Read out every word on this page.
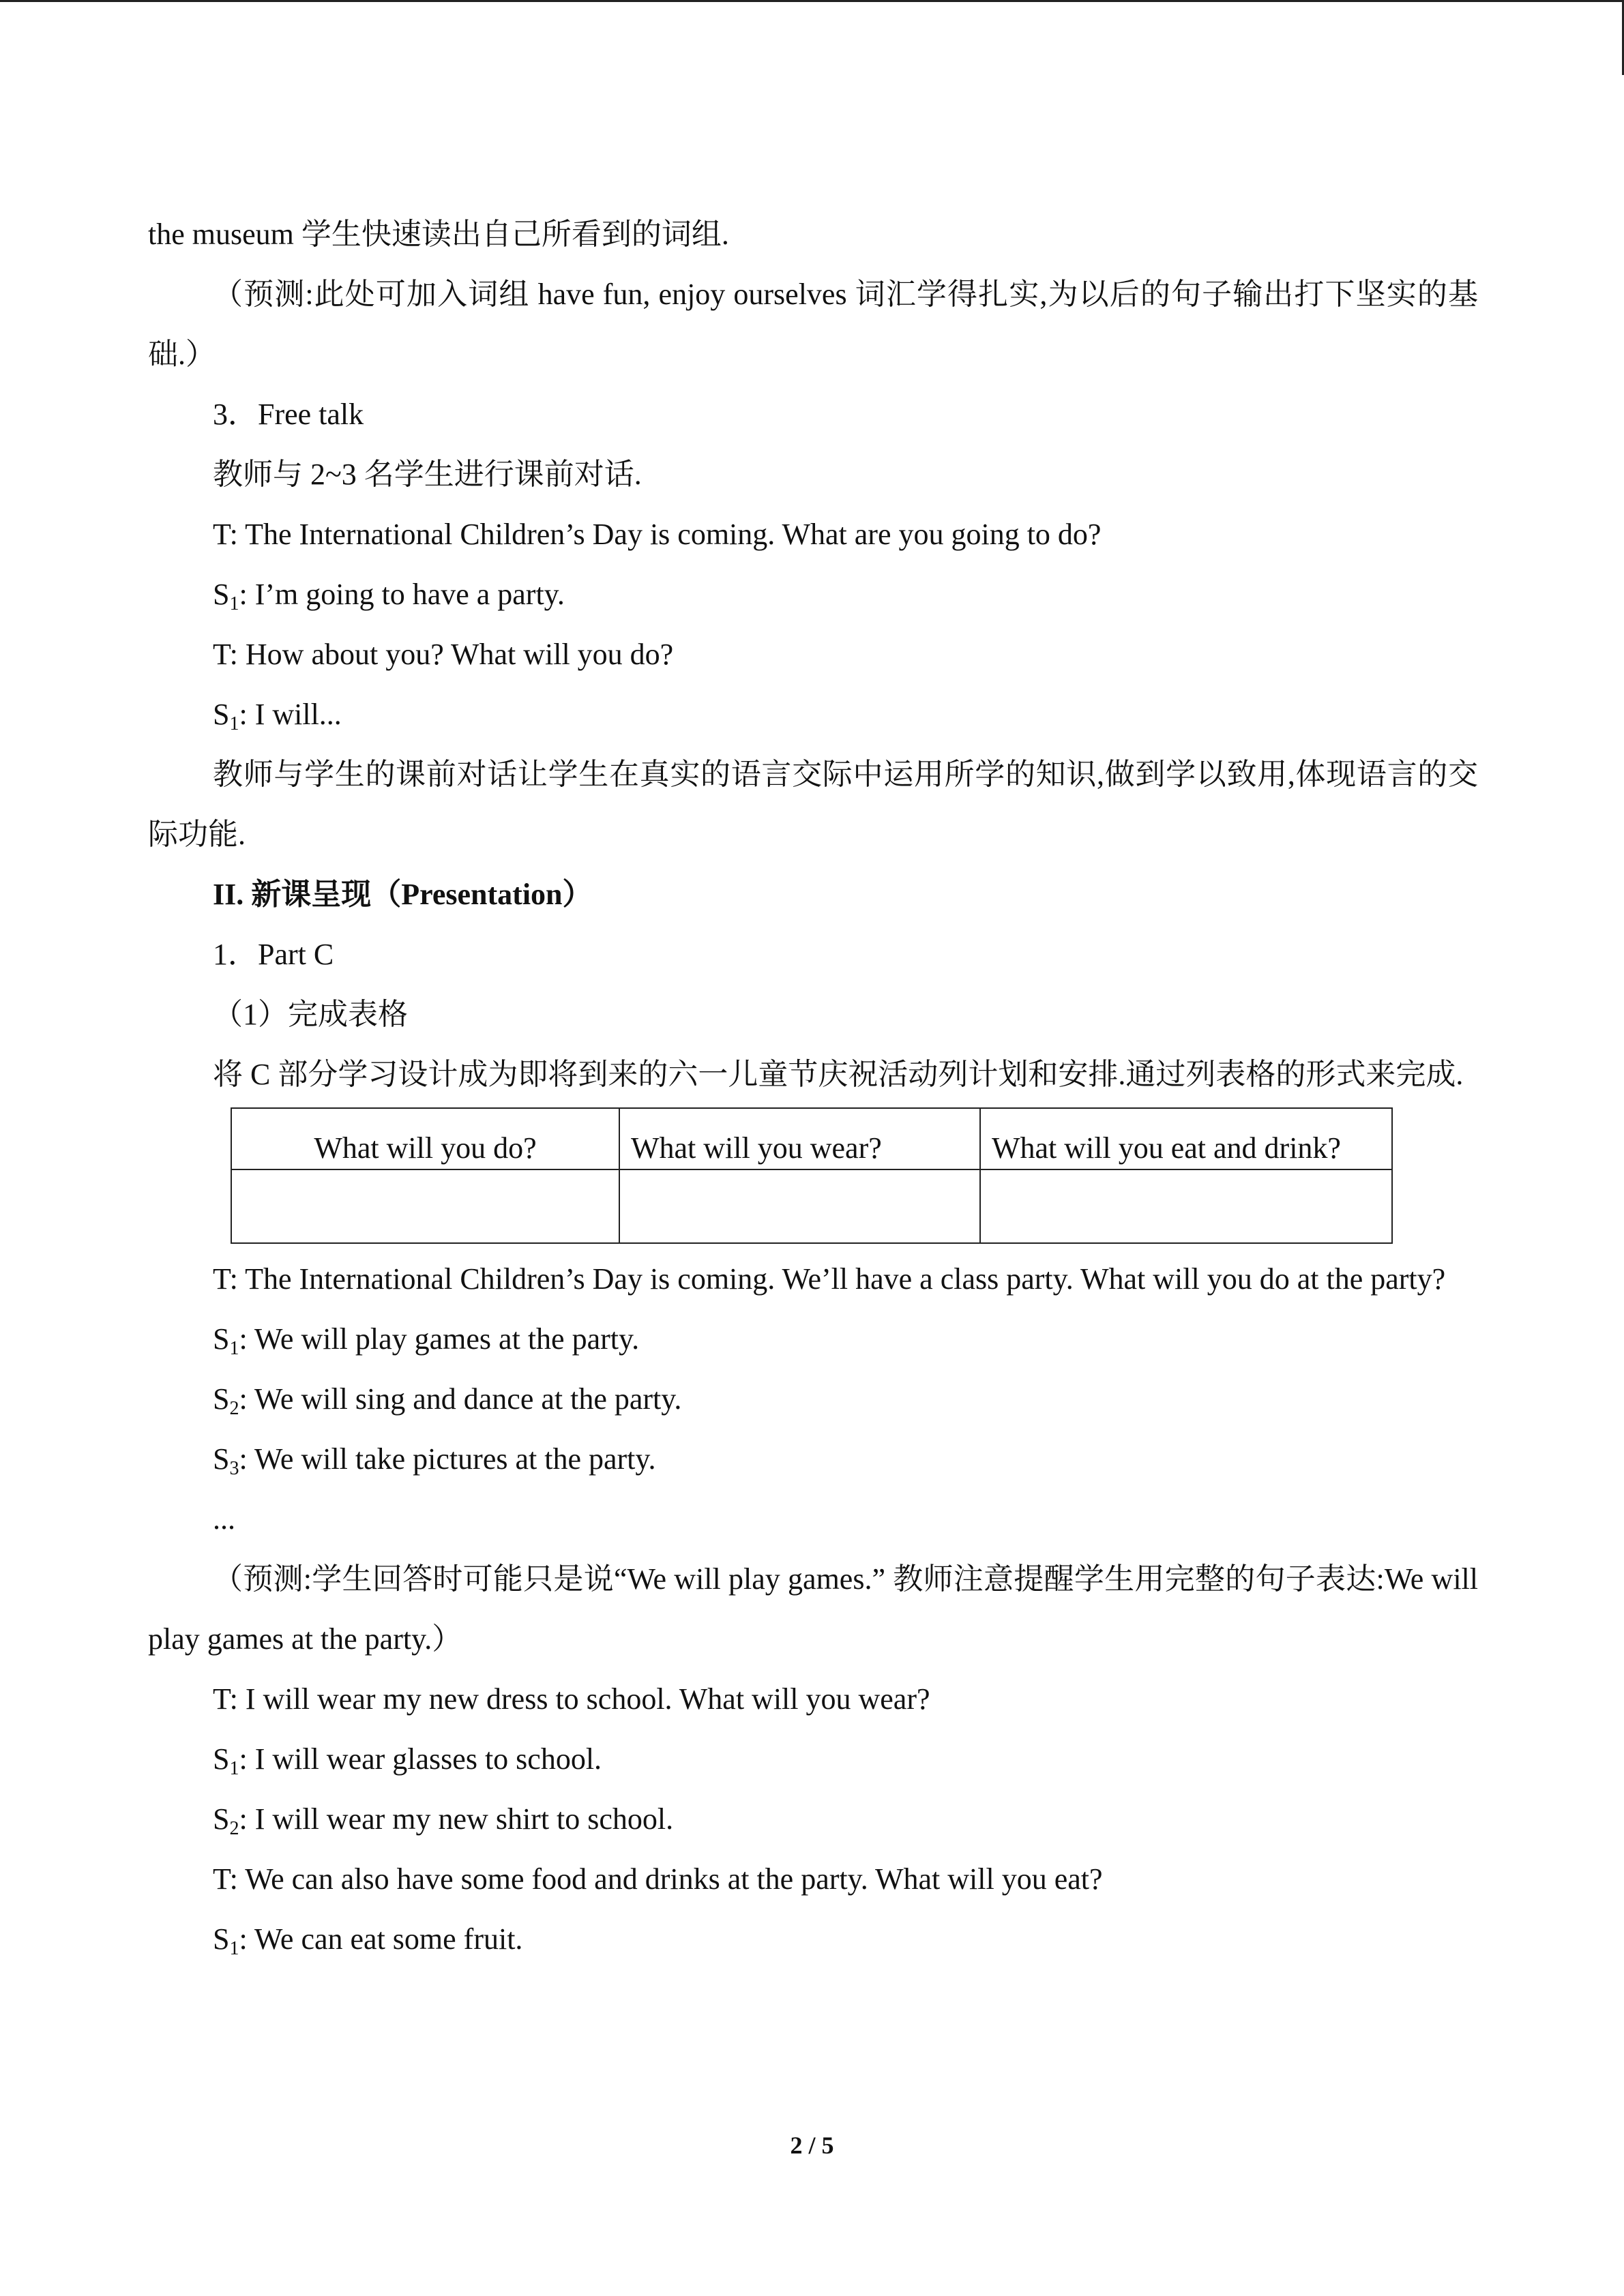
the museum 学生快速读出自己所看到的词组.

（预测:此处可加入词组 have fun, enjoy ourselves 词汇学得扎实,为以后的句子输出打下坚实的基础.）

3．Free talk

教师与 2~3 名学生进行课前对话.

T: The International Children’s Day is coming. What are you going to do?

$S_1$: I’m going to have a party.

T: How about you? What will you do?

$S_1$: I will...

教师与学生的课前对话让学生在真实的语言交际中运用所学的知识,做到学以致用,体现语言的交际功能.

II. 新课呈现（Presentation）

1．Part C

（1）完成表格

将 C 部分学习设计成为即将到来的六一儿童节庆祝活动列计划和安排.通过列表格的形式来完成.

What will you do?	What will you wear?	What will you eat and drink?

T: The International Children’s Day is coming. We’ll have a class party. What will you do at the party?

$S_1$: We will play games at the party.

$S_2$: We will sing and dance at the party.

$S_3$: We will take pictures at the party.

...

（预测:学生回答时可能只是说“We will play games.” 教师注意提醒学生用完整的句子表达:We will play games at the party.）

T: I will wear my new dress to school. What will you wear?

$S_1$: I will wear glasses to school.

$S_2$: I will wear my new shirt to school.

T: We can also have some food and drinks at the party. What will you eat?

$S_1$: We can eat some fruit.

2 / 5
